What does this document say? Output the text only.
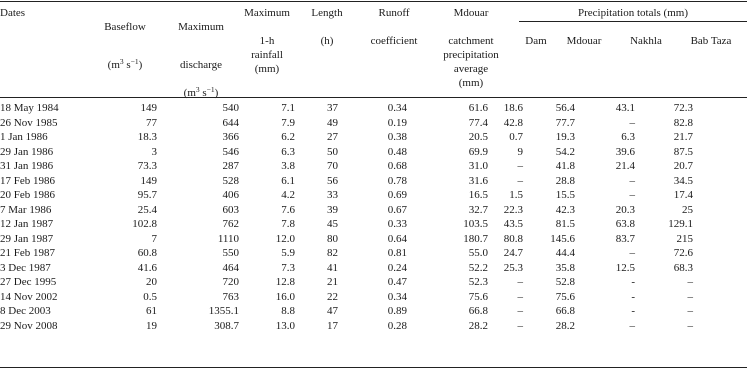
Dates

Baseflow

($m^3$ $s^{-1}$)

Maximum

discharge

($m^3$ $s^{-1}$)

Maximum

1-h
rainfall
(mm)
Length

(h)
Runoff

coefficient
Mdouar

catchment
precipitation
average
(mm)
Precipitation totals (mm)
Dam	Mdouar	Nakhla	Bab Taza
18 May 1984	149	540	7.1	37	0.34	61.6	18.6	56.4	43.1	72.3
26 Nov 1985	77	644	7.9	49	0.19	77.4	42.8	77.7	–	82.8
1 Jan 1986	18.3	366	6.2	27	0.38	20.5	0.7	19.3	6.3	21.7
29 Jan 1986	3	546	6.3	50	0.48	69.9	9	54.2	39.6	87.5
31 Jan 1986	73.3	287	3.8	70	0.68	31.0	–	41.8	21.4	20.7
17 Feb 1986	149	528	6.1	56	0.78	31.6	–	28.8	–	34.5
20 Feb 1986	95.7	406	4.2	33	0.69	16.5	1.5	15.5	–	17.4
7 Mar 1986	25.4	603	7.6	39	0.67	32.7	22.3	42.3	20.3	25
12 Jan 1987	102.8	762	7.8	45	0.33	103.5	43.5	81.5	63.8	129.1
29 Jan 1987	7	1110	12.0	80	0.64	180.7	80.8	145.6	83.7	215
21 Feb 1987	60.8	550	5.9	82	0.81	55.0	24.7	44.4	–	72.6
3 Dec 1987	41.6	464	7.3	41	0.24	52.2	25.3	35.8	12.5	68.3
27 Dec 1995	20	720	12.8	21	0.47	52.3	–	52.8	-	–
14 Nov 2002	0.5	763	16.0	22	0.34	75.6	–	75.6	-	–
8 Dec 2003	61	1355.1	8.8	47	0.89	66.8	–	66.8	-	–
29 Nov 2008	19	308.7	13.0	17	0.28	28.2	–	28.2	–	–
